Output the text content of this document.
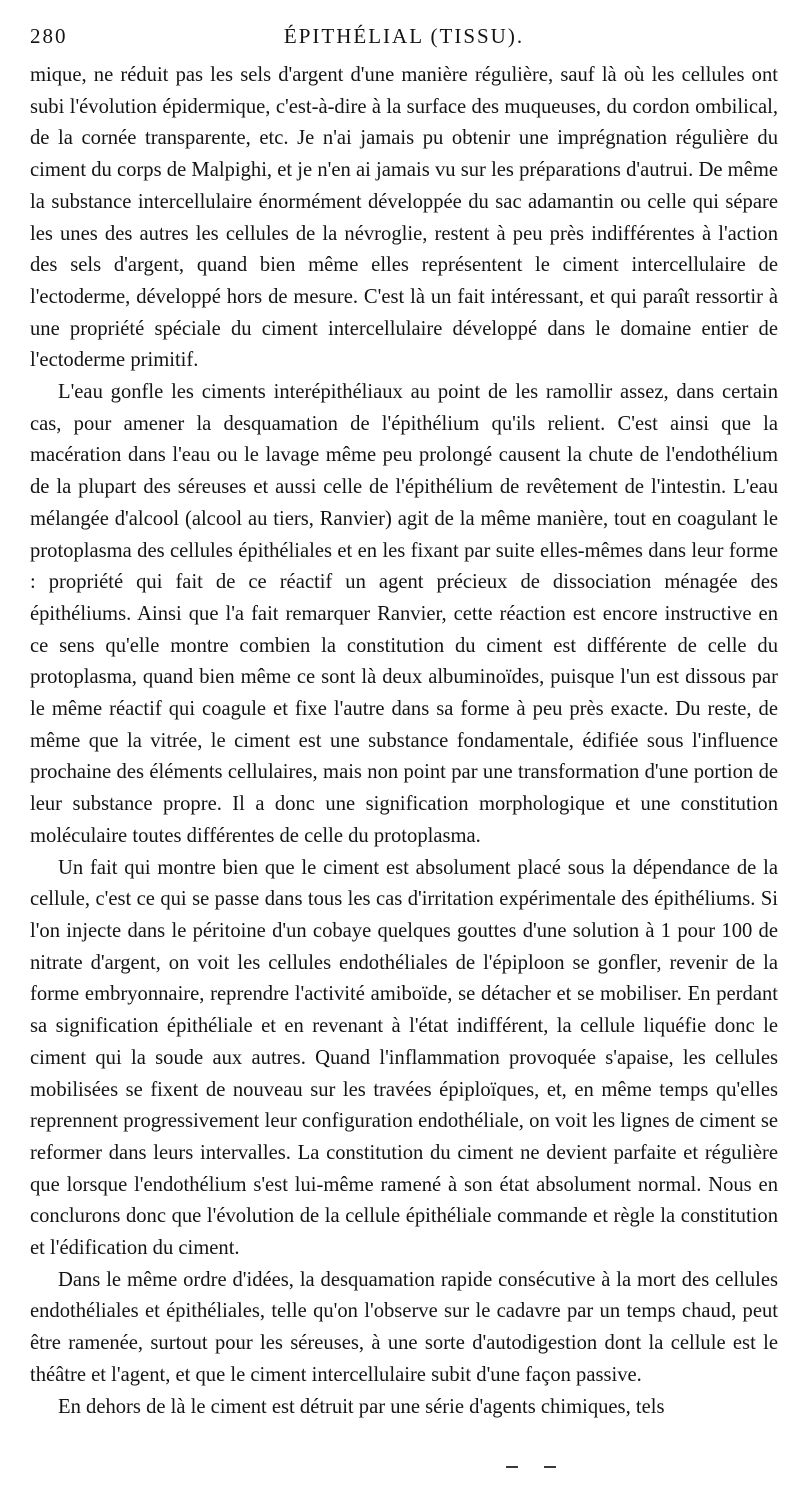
280	ÉPITHÉLIAL (TISSU).

mique, ne réduit pas les sels d'argent d'une manière régulière, sauf là où les cellules ont subi l'évolution épidermique, c'est-à-dire à la surface des muqueuses, du cordon ombilical, de la cornée transparente, etc. Je n'ai jamais pu obtenir une imprégnation régulière du ciment du corps de Malpighi, et je n'en ai jamais vu sur les préparations d'autrui. De même la substance intercellulaire énormément développée du sac adamantin ou celle qui sépare les unes des autres les cellules de la névroglie, restent à peu près indifférentes à l'action des sels d'argent, quand bien même elles représentent le ciment intercellulaire de l'ectoderme, développé hors de mesure. C'est là un fait intéressant, et qui paraît ressortir à une propriété spéciale du ciment intercellulaire développé dans le domaine entier de l'ectoderme primitif.

L'eau gonfle les ciments interépithéliaux au point de les ramollir assez, dans certain cas, pour amener la desquamation de l'épithélium qu'ils relient. C'est ainsi que la macération dans l'eau ou le lavage même peu prolongé causent la chute de l'endothélium de la plupart des séreuses et aussi celle de l'épithélium de revêtement de l'intestin. L'eau mélangée d'alcool (alcool au tiers, Ranvier) agit de la même manière, tout en coagulant le protoplasma des cellules épithéliales et en les fixant par suite elles-mêmes dans leur forme : propriété qui fait de ce réactif un agent précieux de dissociation ménagée des épithéliums. Ainsi que l'a fait remarquer Ranvier, cette réaction est encore instructive en ce sens qu'elle montre combien la constitution du ciment est différente de celle du protoplasma, quand bien même ce sont là deux albuminoïdes, puisque l'un est dissous par le même réactif qui coagule et fixe l'autre dans sa forme à peu près exacte. Du reste, de même que la vitrée, le ciment est une substance fondamentale, édifiée sous l'influence prochaine des éléments cellulaires, mais non point par une transformation d'une portion de leur substance propre. Il a donc une signification morphologique et une constitution moléculaire toutes différentes de celle du protoplasma.

Un fait qui montre bien que le ciment est absolument placé sous la dépendance de la cellule, c'est ce qui se passe dans tous les cas d'irritation expérimentale des épithéliums. Si l'on injecte dans le péritoine d'un cobaye quelques gouttes d'une solution à 1 pour 100 de nitrate d'argent, on voit les cellules endothéliales de l'épiploon se gonfler, revenir de la forme embryonnaire, reprendre l'activité amiboïde, se détacher et se mobiliser. En perdant sa signification épithéliale et en revenant à l'état indifférent, la cellule liquéfie donc le ciment qui la soude aux autres. Quand l'inflammation provoquée s'apaise, les cellules mobilisées se fixent de nouveau sur les travées épiploïques, et, en même temps qu'elles reprennent progressivement leur configuration endothéliale, on voit les lignes de ciment se reformer dans leurs intervalles. La constitution du ciment ne devient parfaite et régulière que lorsque l'endothélium s'est lui-même ramené à son état absolument normal. Nous en conclurons donc que l'évolution de la cellule épithéliale commande et règle la constitution et l'édification du ciment.

Dans le même ordre d'idées, la desquamation rapide consécutive à la mort des cellules endothéliales et épithéliales, telle qu'on l'observe sur le cadavre par un temps chaud, peut être ramenée, surtout pour les séreuses, à une sorte d'autodigestion dont la cellule est le théâtre et l'agent, et que le ciment intercellulaire subit d'une façon passive.

En dehors de là le ciment est détruit par une série d'agents chimiques, tels
